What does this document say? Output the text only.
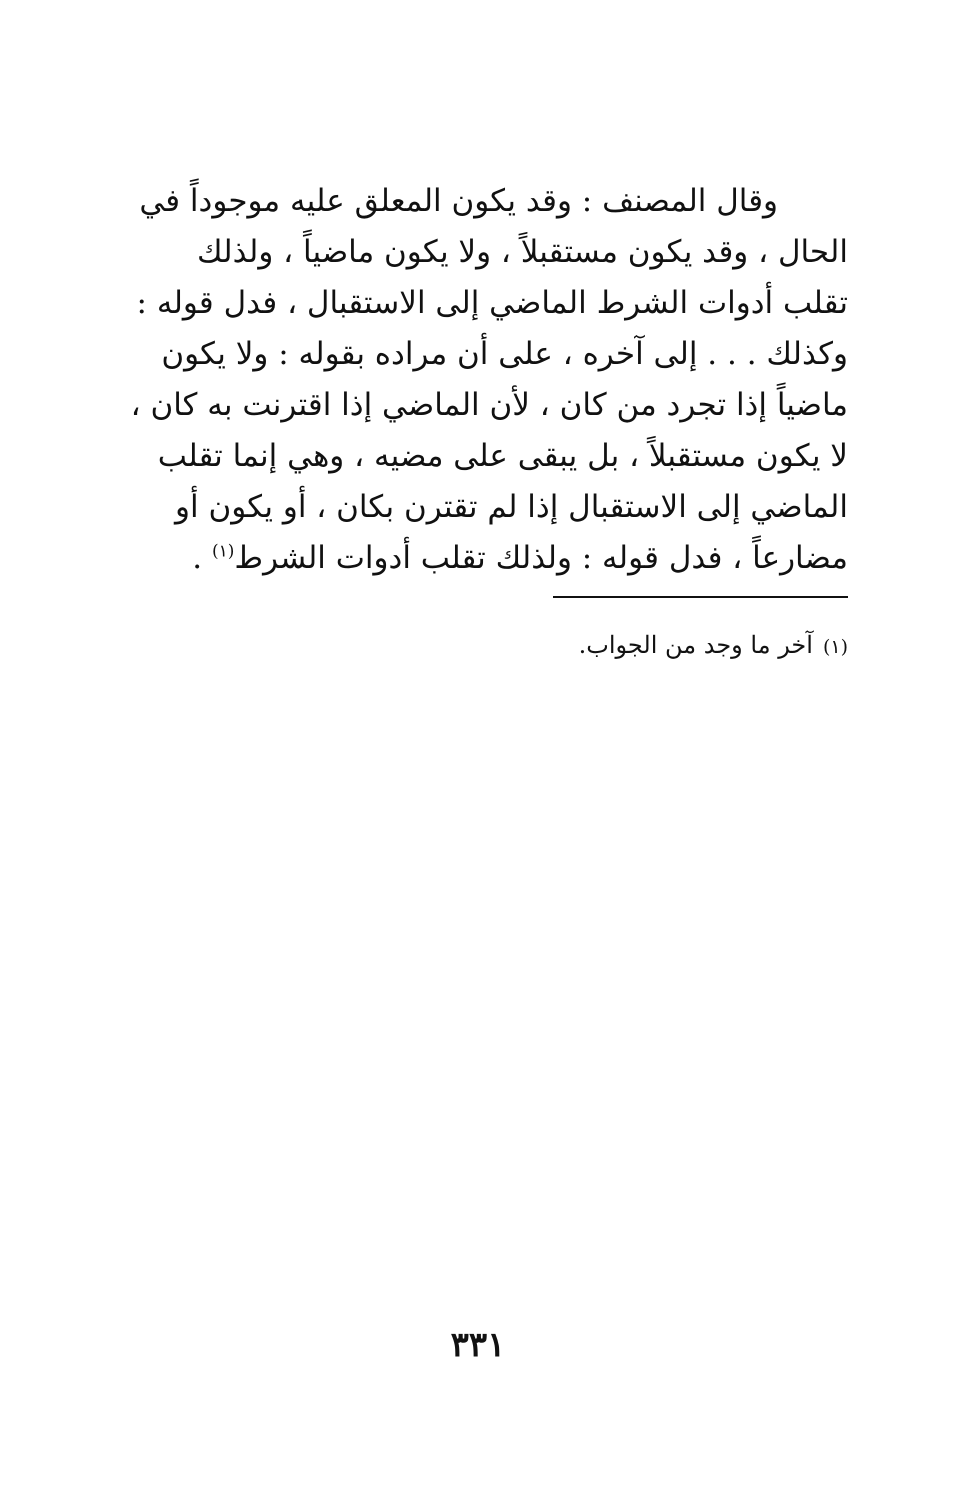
وقال المصنف : وقد يكون المعلق عليه موجوداً في
الحال ، وقد يكون مستقبلاً ، ولا يكون ماضياً ، ولذلك
تقلب أدوات الشرط الماضي إلى الاستقبال ، فدل قوله :
وكذلك . . . إلى آخره ، على أن مراده بقوله : ولا يكون
ماضياً إذا تجرد من كان ، لأن الماضي إذا اقترنت به كان ،
لا يكون مستقبلاً ، بل يبقى على مضيه ، وهي إنما تقلب
الماضي إلى الاستقبال إذا لم تقترن بكان ، أو يكون أو
مضارعاً ، فدل قوله : ولذلك تقلب أدوات الشرط$^{(١)}$ .
(١)آخر ما وجد من الجواب.
٣٣١
